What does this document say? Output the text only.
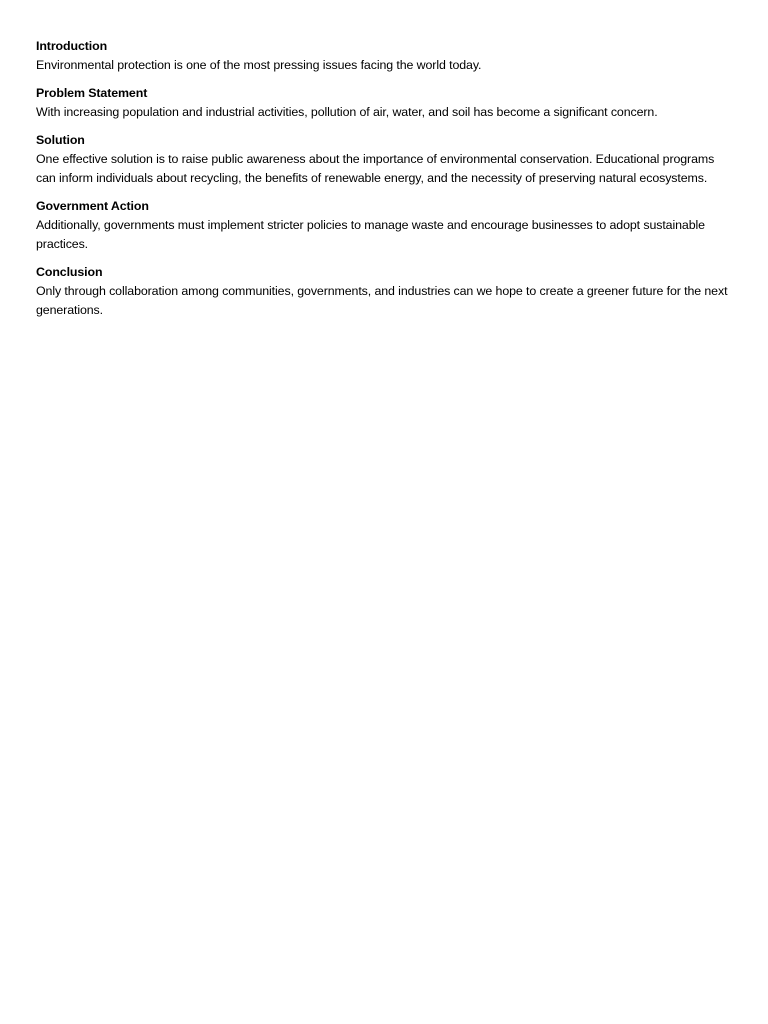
Introduction

Environmental protection is one of the most pressing issues facing the world today.

Problem Statement

With increasing population and industrial activities, pollution of air, water, and soil has become a significant concern.

Solution

One effective solution is to raise public awareness about the importance of environmental conservation. Educational programs can inform individuals about recycling, the benefits of renewable energy, and the necessity of preserving natural ecosystems.

Government Action

Additionally, governments must implement stricter policies to manage waste and encourage businesses to adopt sustainable practices.

Conclusion

Only through collaboration among communities, governments, and industries can we hope to create a greener future for the next generations.
